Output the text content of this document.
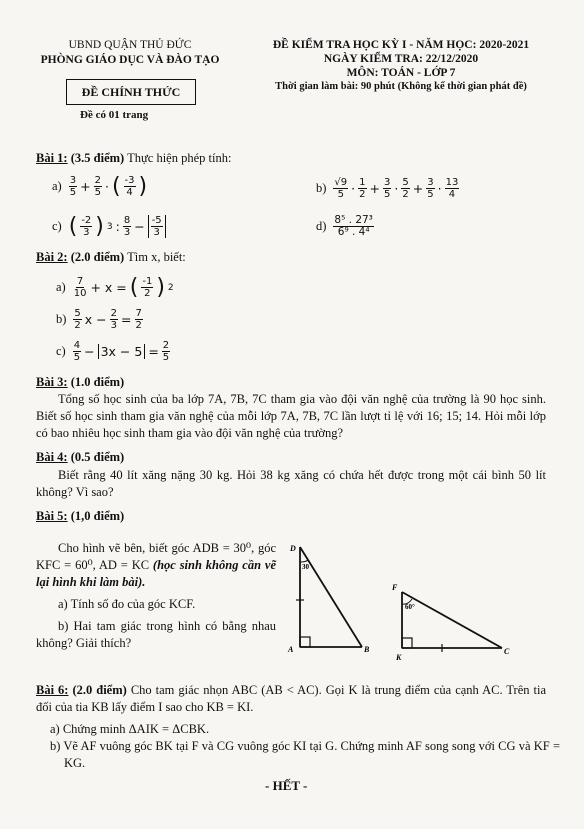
UBND QUẬN THỦ ĐỨC
PHÒNG GIÁO DỤC VÀ ĐÀO TẠO
ĐỀ CHÍNH THỨC
Đề có 01 trang
ĐỀ KIỂM TRA HỌC KỲ I - NĂM HỌC: 2020-2021
NGÀY KIỂM TRA: 22/12/2020
MÔN: TOÁN - LỚP 7
Thời gian làm bài: 90 phút (Không kể thời gian phát đề)
Bài 1: (3.5 điểm) Thực hiện phép tính:
a) 3
$5 + \frac{2}{5}$ · ( -3
4 )	b) √9
5 · 1
$2 + \frac{3}{5} \cdot 5$
$2 + \frac{3}{5} \cdot 13$
4
c) ( -2
3 ) 3 : 8
3 − -5
3	d) 8⁵ . 27³
6⁹ . 4⁴
Bài 2: (2.0 điểm) Tìm x, biết:
a) 7
10 + x = ( -1
2 ) 2
b) 5
2 $x - \frac{2}{3} = \frac{7}{2}$
c) 4
$5 - 3x - 5 = \frac{2}{5}$
Bài 3: (1.0 điểm)
Tổng số học sinh của ba lớp 7A, 7B, 7C tham gia vào đội văn nghệ của trường là 90 học sinh. Biết số học sinh tham gia văn nghệ của mỗi lớp 7A, 7B, 7C lần lượt tỉ lệ với 16; 15; 14. Hỏi mỗi lớp có bao nhiêu học sinh tham gia vào đội văn nghệ của trường?
Bài 4: (0.5 điểm)
Biết rằng 40 lít xăng nặng 30 kg. Hỏi 38 kg xăng có chứa hết được trong một cái bình 50 lít không? Vì sao?
Bài 5: (1,0 điểm)
Cho hình vẽ bên, biết góc ADB = 30⁰, góc KFC = 60⁰, AD = KC (học sinh không cần vẽ lại hình khi làm bài).
a) Tính số đo của góc KCF.
b) Hai tam giác trong hình có bằng nhau không? Giải thích?
D
A	B
30
F
K
C
60°
Bài 6: (2.0 điểm) Cho tam giác nhọn ABC (AB < AC). Gọi K là trung điểm của cạnh AC. Trên tia đối của tia KB lấy điểm I sao cho KB = KI.
a) Chứng minh ΔAIK = ΔCBK.
b) Vẽ AF vuông góc BK tại F và CG vuông góc KI tại G. Chứng minh AF song song với CG và KF = KG.
- HẾT -
